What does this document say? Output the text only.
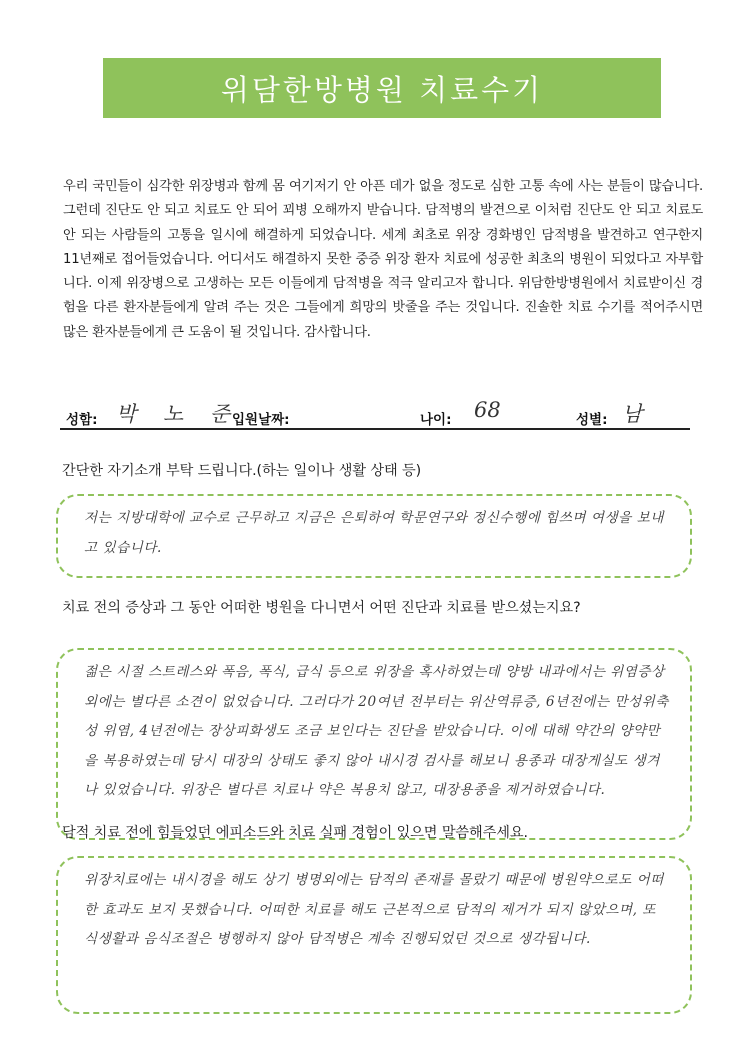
위담한방병원 치료수기
우리 국민들이 심각한 위장병과 함께 몸 여기저기 안 아픈 데가 없을 정도로 심한 고통 속에 사는 분들이 많습니다. 그런데 진단도 안 되고 치료도 안 되어 꾀병 오해까지 받습니다. 담적병의 발견으로 이처럼 진단도 안 되고 치료도 안 되는 사람들의 고통을 일시에 해결하게 되었습니다. 세계 최초로 위장 경화병인 담적병을 발견하고 연구한지 11년째로 접어들었습니다. 어디서도 해결하지 못한 중증 위장 환자 치료에 성공한 최초의 병원이 되었다고 자부합니다. 이제 위장병으로 고생하는 모든 이들에게 담적병을 적극 알리고자 합니다. 위담한방병원에서 치료받이신 경험을 다른 환자분들에게 알려 주는 것은 그들에게 희망의 밧줄을 주는 것입니다. 진솔한 치료 수기를 적어주시면 많은 환자분들에게 큰 도움이 될 것입니다. 감사합니다.
성함: 박 노 준
입원날짜:	나이: 68	성별: 남
간단한 자기소개 부탁 드립니다.(하는 일이나 생활 상태 등)
저는 지방대학에 교수로 근무하고 지금은 은퇴하여 학문연구와 정신수행에 힘쓰며 여생을 보내고 있습니다.
치료 전의 증상과 그 동안 어떠한 병원을 다니면서 어떤 진단과 치료를 받으셨는지요?
젊은 시절 스트레스와 폭음, 폭식, 급식 등으로 위장을 혹사하였는데 양방 내과에서는 위염증상 외에는 별다른 소견이 없었습니다. 그러다가 20여년 전부터는 위산역류증, 6년전에는 만성위축성 위염, 4년전에는 장상피화생도 조금 보인다는 진단을 받았습니다. 이에 대해 약간의 양약만을 복용하였는데 당시 대장의 상태도 좋지 않아 내시경 검사를 해보니 용종과 대장게실도 생겨나 있었습니다. 위장은 별다른 치료나 약은 복용치 않고, 대장용종을 제거하였습니다.
담적 치료 전에 힘들었던 에피소드와 치료 실패 경험이 있으면 말씀해주세요.
위장치료에는 내시경을 해도 상기 병명외에는 담적의 존재를 몰랐기 때문에 병원약으로도 어떠한 효과도 보지 못했습니다. 어떠한 치료를 해도 근본적으로 담적의 제거가 되지 않았으며, 또 식생활과 음식조절은 병행하지 않아 담적병은 계속 진행되었던 것으로 생각됩니다.
